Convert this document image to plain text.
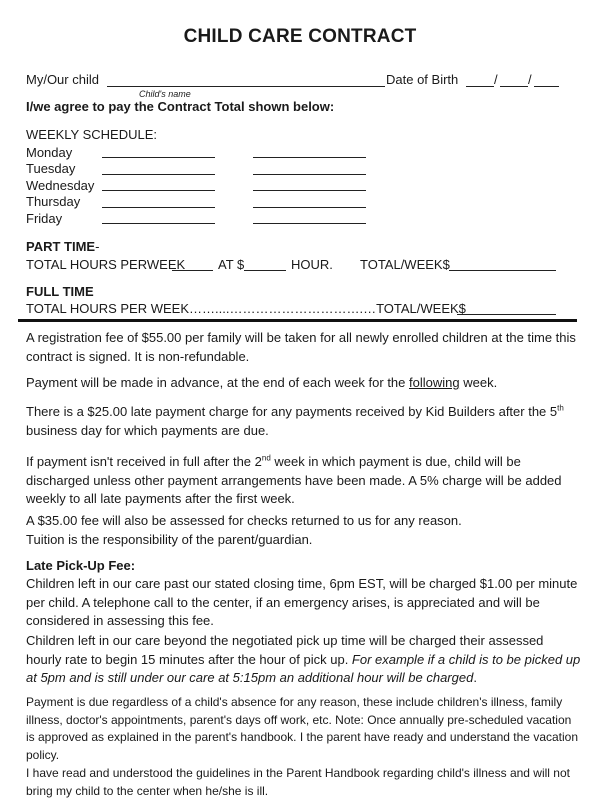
CHILD CARE CONTRACT
My/Our child
Child's name
Date of Birth	/ /
I/we agree to pay the Contract Total shown below:
WEEKLY SCHEDULE:
Monday
Tuesday
Wednesday
Thursday
Friday
PART TIME-
TOTAL HOURS PERWEEK	AT $	HOUR. TOTAL/WEEK$
FULL TIME
TOTAL HOURS PER WEEK……....………………………….…TOTAL/WEEK$
A registration fee of $55.00 per family will be taken for all newly enrolled children at the time this contract is signed. It is non-refundable.
Payment will be made in advance, at the end of each week for the following week.
There is a $25.00 late payment charge for any payments received by Kid Builders after the 5th business day for which payments are due.
If payment isn't received in full after the 2nd week in which payment is due, child will be discharged unless other payment arrangements have been made. A 5% charge will be added weekly to all late payments after the first week.
A $35.00 fee will also be assessed for checks returned to us for any reason.
Tuition is the responsibility of the parent/guardian.
Late Pick-Up Fee:
Children left in our care past our stated closing time, 6pm EST, will be charged $1.00 per minute per child. A telephone call to the center, if an emergency arises, is appreciated and will be considered in assessing this fee.
Children left in our care beyond the negotiated pick up time will be charged their assessed hourly rate to begin 15 minutes after the hour of pick up. For example if a child is to be picked up at 5pm and is still under our care at 5:15pm an additional hour will be charged.
Payment is due regardless of a child's absence for any reason, these include children's illness, family illness, doctor's appointments, parent's days off work, etc. Note: Once annually pre-scheduled vacation is approved as explained in the parent's handbook. I the parent have ready and understand the vacation policy.
I have read and understood the guidelines in the Parent Handbook regarding child's illness and will not bring my child to the center when he/she is ill.
